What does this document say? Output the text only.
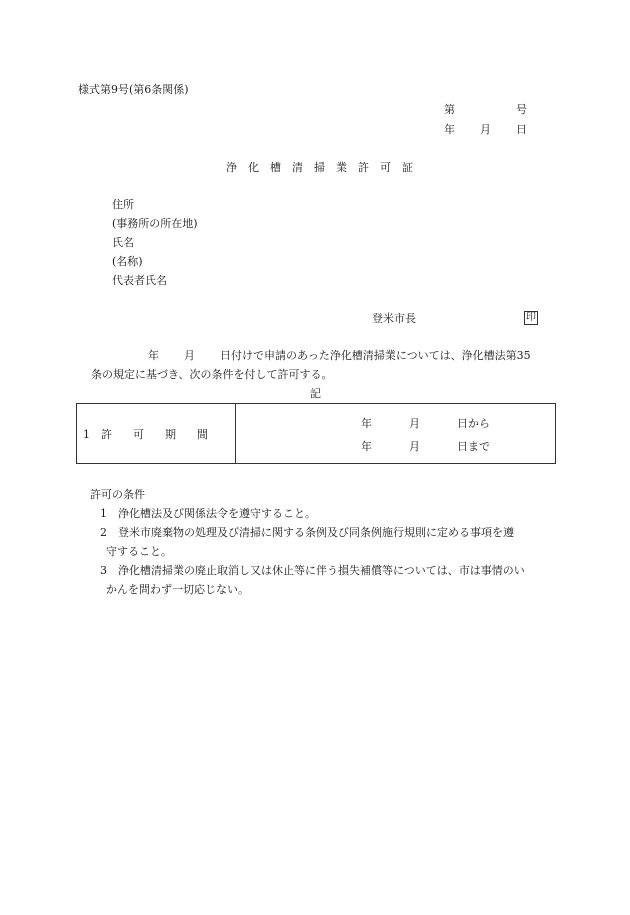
様式第9号(第6条関係)
第	号
年 月 日
浄 化 槽 清 掃 業 許 可 証
住所
(事務所の所在地)
氏名
(名称)
代表者氏名
登米市長	印
年 月 日付けで申請のあった浄化槽清掃業については、浄化槽法第35
条の規定に基づき、次の条件を付して許可する。
記
1 許 可 期 間
年	月	日から
年	月	日まで
許可の条件
1 浄化槽法及び関係法令を遵守すること。
2 登米市廃棄物の処理及び清掃に関する条例及び同条例施行規則に定める事項を遵
守すること。
3 浄化槽清掃業の廃止取消し又は休止等に伴う損失補償等については、市は事情のい
かんを問わず一切応じない。
